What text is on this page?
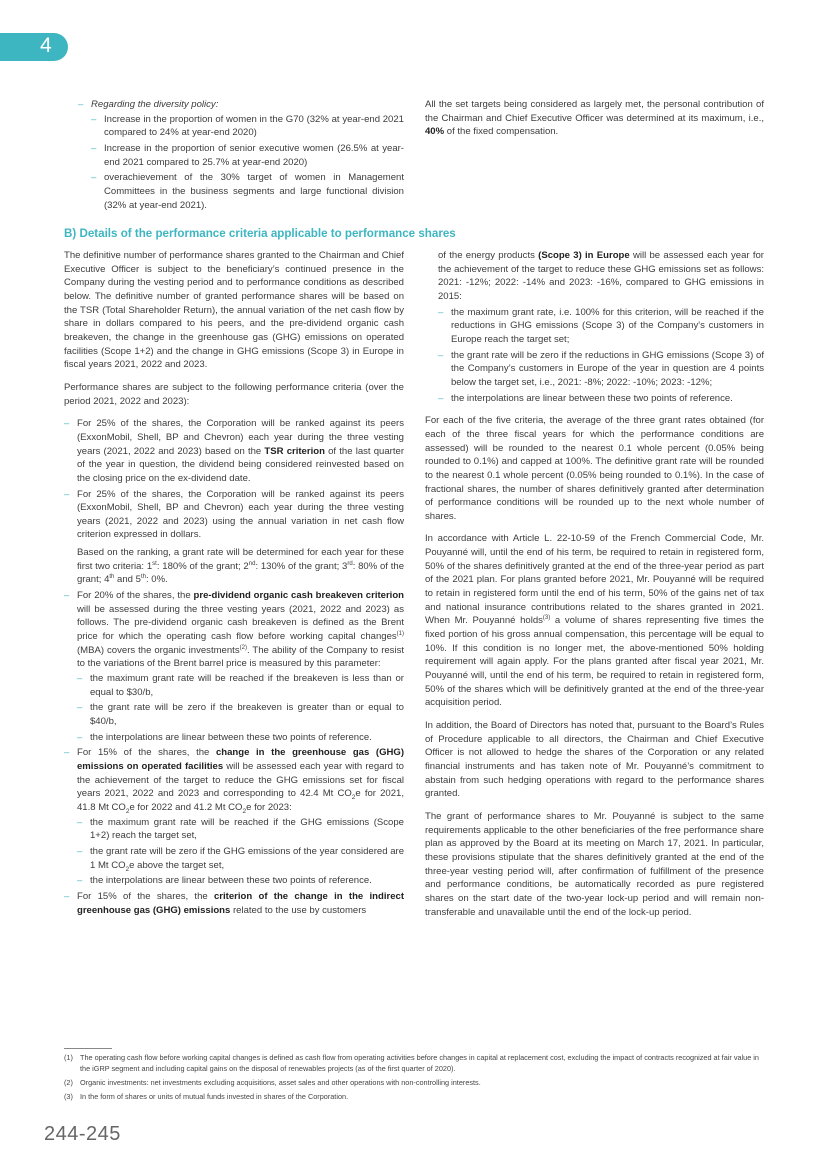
4
– Regarding the diversity policy:
– Increase in the proportion of women in the G70 (32% at year-end 2021 compared to 24% at year-end 2020)
– Increase in the proportion of senior executive women (26.5% at year-end 2021 compared to 25.7% at year-end 2020)
– overachievement of the 30% target of women in Management Committees in the business segments and large functional division (32% at year-end 2021).

All the set targets being considered as largely met, the personal contribution of the Chairman and Chief Executive Officer was determined at its maximum, i.e., 40% of the fixed compensation.

B) Details of the performance criteria applicable to performance shares

The definitive number of performance shares granted to the Chairman and Chief Executive Officer is subject to the beneficiary’s continued presence in the Company during the vesting period and to performance conditions as described below. The definitive number of granted performance shares will be based on the TSR (Total Shareholder Return), the annual variation of the net cash flow by share in dollars compared to his peers, and the pre-dividend organic cash breakeven, the change in the greenhouse gas (GHG) emissions on operated facilities (Scope 1+2) and the change in GHG emissions (Scope 3) in Europe in fiscal years 2021, 2022 and 2023.

Performance shares are subject to the following performance criteria (over the period 2021, 2022 and 2023):

– For 25% of the shares, the Corporation will be ranked against its peers (ExxonMobil, Shell, BP and Chevron) each year during the three vesting years (2021, 2022 and 2023) based on the TSR criterion of the last quarter of the year in question, the dividend being considered reinvested based on the closing price on the ex-dividend date.
– For 25% of the shares, the Corporation will be ranked against its peers (ExxonMobil, Shell, BP and Chevron) each year during the three vesting years (2021, 2022 and 2023) using the annual variation in net cash flow criterion expressed in dollars.
Based on the ranking, a grant rate will be determined for each year for these first two criteria: 1st: 180% of the grant; 2nd: 130% of the grant; 3rd: 80% of the grant; 4th and 5th: 0%.
– For 20% of the shares, the pre-dividend organic cash breakeven criterion will be assessed during the three vesting years (2021, 2022 and 2023) as follows. The pre-dividend organic cash breakeven is defined as the Brent price for which the operating cash flow before working capital changes$^{(1)}$ (MBA) covers the organic investments$^{(2)}$. The ability of the Company to resist to the variations of the Brent barrel price is measured by this parameter:
– the maximum grant rate will be reached if the breakeven is less than or equal to $30/b,
– the grant rate will be zero if the breakeven is greater than or equal to $40/b,
– the interpolations are linear between these two points of reference.
– For 15% of the shares, the change in the greenhouse gas (GHG) emissions on operated facilities will be assessed each year with regard to the achievement of the target to reduce the GHG emissions set for fiscal years 2021, 2022 and 2023 and corresponding to 42.4 Mt $CO_2e$ for 2021, 41.8 Mt $CO_2e$ for 2022 and 41.2 Mt $CO_2e$ for 2023:
– the maximum grant rate will be reached if the GHG emissions (Scope 1+2) reach the target set,
– the grant rate will be zero if the GHG emissions of the year considered are 1 Mt $CO_2e$ above the target set,
– the interpolations are linear between these two points of reference.
– For 15% of the shares, the criterion of the change in the indirect greenhouse gas (GHG) emissions related to the use by customers
of the energy products (Scope 3) in Europe will be assessed each year for the achievement of the target to reduce these GHG emissions set as follows: 2021: -12%; 2022: -14% and 2023: -16%, compared to GHG emissions in 2015:
– the maximum grant rate, i.e. 100% for this criterion, will be reached if the reductions in GHG emissions (Scope 3) of the Company's customers in Europe reach the target set;
– the grant rate will be zero if the reductions in GHG emissions (Scope 3) of the Company’s customers in Europe of the year in question are 4 points below the target set, i.e., 2021: -8%; 2022: -10%; 2023: -12%;
– the interpolations are linear between these two points of reference.

For each of the five criteria, the average of the three grant rates obtained (for each of the three fiscal years for which the performance conditions are assessed) will be rounded to the nearest 0.1 whole percent (0.05% being rounded to 0.1%) and capped at 100%. The definitive grant rate will be rounded to the nearest 0.1 whole percent (0.05% being rounded to 0.1%). In the case of fractional shares, the number of shares definitively granted after determination of performance conditions will be rounded up to the next whole number of shares.

In accordance with Article L. 22-10-59 of the French Commercial Code, Mr. Pouyanné will, until the end of his term, be required to retain in registered form, 50% of the shares definitively granted at the end of the three-year period as part of the 2021 plan. For plans granted before 2021, Mr. Pouyanné will be required to retain in registered form until the end of his term, 50% of the gains net of tax and national insurance contributions related to the shares granted in 2021. When Mr. Pouyanné holds$^{(3)}$ a volume of shares representing five times the fixed portion of his gross annual compensation, this percentage will be equal to 10%. If this condition is no longer met, the above-mentioned 50% holding requirement will again apply. For the plans granted after fiscal year 2021, Mr. Pouyanné will, until the end of his term, be required to retain in registered form, 50% of the shares which will be definitively granted at the end of the three-year acquisition period.

In addition, the Board of Directors has noted that, pursuant to the Board’s Rules of Procedure applicable to all directors, the Chairman and Chief Executive Officer is not allowed to hedge the shares of the Corporation or any related financial instruments and has taken note of Mr. Pouyanné’s commitment to abstain from such hedging operations with regard to the performance shares granted.

The grant of performance shares to Mr. Pouyanné is subject to the same requirements applicable to the other beneficiaries of the free performance share plan as approved by the Board at its meeting on March 17, 2021. In particular, these provisions stipulate that the shares definitively granted at the end of the three-year vesting period will, after confirmation of fulfillment of the presence and performance conditions, be automatically recorded as pure registered shares on the start date of the two-year lock-up period and will remain non-transferable and unavailable until the end of the lock-up period.

(1) The operating cash flow before working capital changes is defined as cash flow from operating activities before changes in capital at replacement cost, excluding the impact of contracts recognized at fair value in the iGRP segment and including capital gains on the disposal of renewables projects (as of the first quarter of 2020).
(2) Organic investments: net investments excluding acquisitions, asset sales and other operations with non-controlling interests.
(3) In the form of shares or units of mutual funds invested in shares of the Corporation.
244-245
